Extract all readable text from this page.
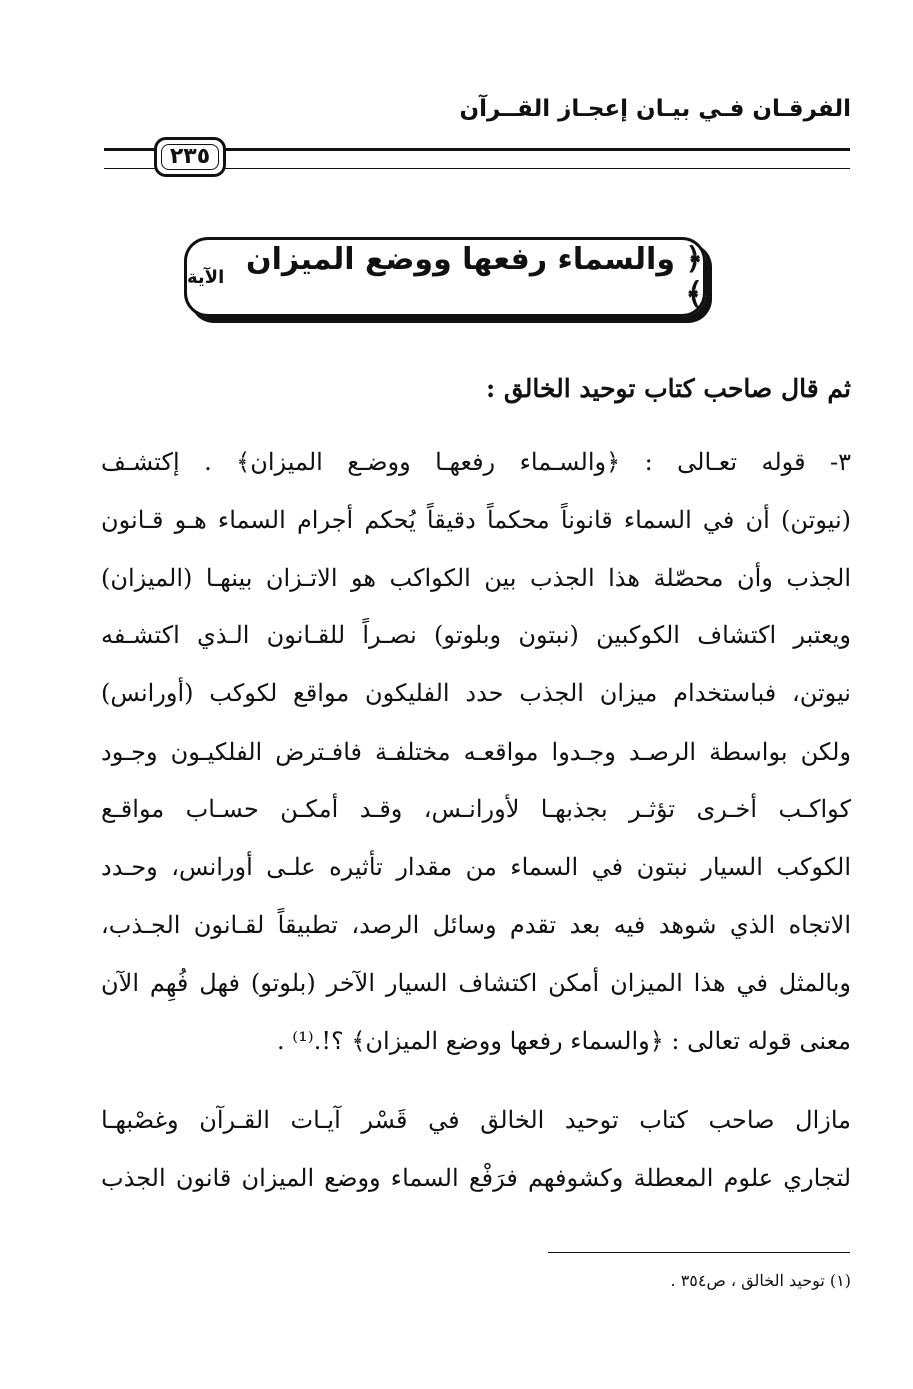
الفرقـان فـي بيـان إعجـاز القــرآن
٢٣٥
﴿ والسماء رفعها ووضع الميزان ﴾
الآية
ثم قال صاحب كتاب توحيد الخالق :
٣- قوله تعـالى : ﴿والسـماء رفعهـا ووضـع الميزان﴾ . إكتشـف
(نيوتن) أن في السماء قانوناً محكماً دقيقاً يُحكم أجرام السماء هـو قـانون
الجذب وأن محصّلة هذا الجذب بين الكواكب هو الاتـزان بينهـا (الميزان)
ويعتبر اكتشاف الكوكبين (نبتون وبلوتو) نصـراً للقـانون الـذي اكتشـفه
نيوتن، فباستخدام ميزان الجذب حدد الفليكون مواقع لكوكب (أورانس)
ولكن بواسطة الرصـد وجـدوا مواقعـه مختلفـة فافـترض الفلكيـون وجـود
كواكـب أخـرى تؤثـر بجذبهـا لأورانـس، وقـد أمكـن حسـاب مواقـع
الكوكب السيار نبتون في السماء من مقدار تأثيره علـى أورانس، وحـدد
الاتجاه الذي شوهد فيه بعد تقدم وسائل الرصد، تطبيقاً لقـانون الجـذب،
وبالمثل في هذا الميزان أمكن اكتشاف السيار الآخر (بلوتو) فهل فُهِم الآن
معنى قوله تعالى : ﴿والسماء رفعها ووضع الميزان﴾ ؟!.⁽¹⁾ .
مازال صاحب كتاب توحيد الخالق في قَسْر آيـات القـرآن وغصْبهـا
لتجاري علوم المعطلة وكشوفهم فرَفْع السماء ووضع الميزان قانون الجذب
(١) توحيد الخالق ، ص٣٥٤ .
